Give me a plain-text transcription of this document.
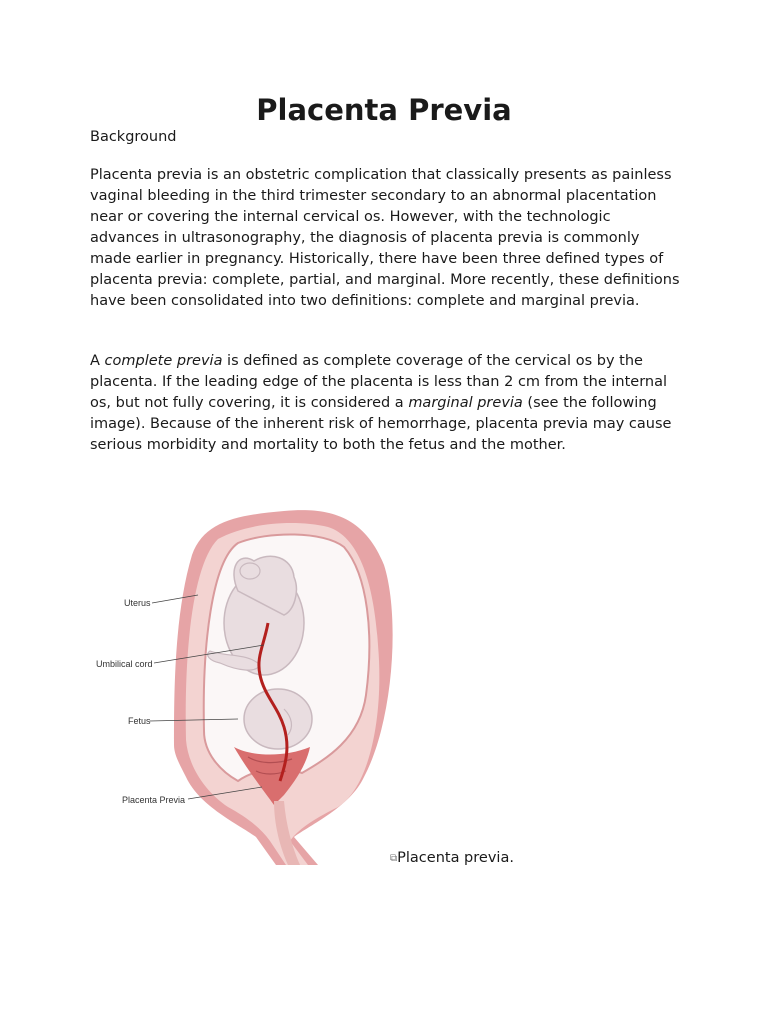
Placenta Previa

Background

Placenta previa is an obstetric complication that classically presents as painless vaginal bleeding in the third trimester secondary to an abnormal placentation near or covering the internal cervical os. However, with the technologic advances in ultrasonography, the diagnosis of placenta previa is commonly made earlier in pregnancy. Historically, there have been three defined types of placenta previa: complete, partial, and marginal. More recently, these definitions have been consolidated into two definitions: complete and marginal previa.

A complete previa is defined as complete coverage of the cervical os by the placenta. If the leading edge of the placenta is less than 2 cm from the internal os, but not fully covering, it is considered a marginal previa (see the following image). Because of the inherent risk of hemorrhage, placenta previa may cause serious morbidity and mortality to both the fetus and the mother.

Uterus
Umbilical cord
Fetus
Placenta Previa
⧉Placenta previa.
